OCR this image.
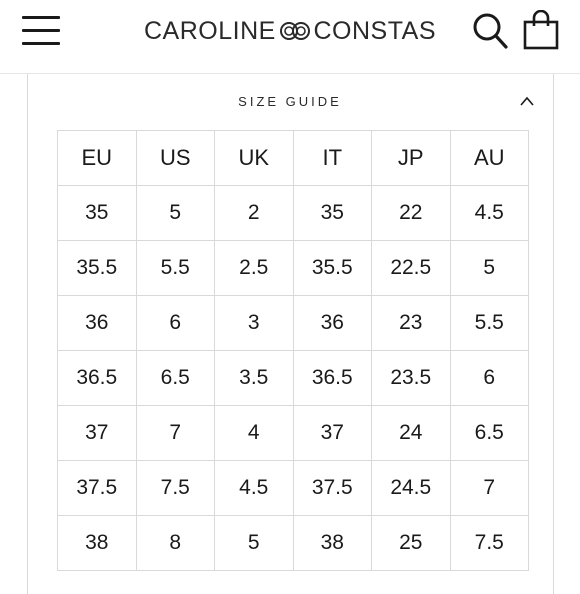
CAROLINE CONSTAS
SIZE GUIDE
EU	US	UK	IT	JP	AU
35	5	2	35	22	4.5
35.5	5.5	2.5	35.5	22.5	5
36	6	3	36	23	5.5
36.5	6.5	3.5	36.5	23.5	6
37	7	4	37	24	6.5
37.5	7.5	4.5	37.5	24.5	7
38	8	5	38	25	7.5
